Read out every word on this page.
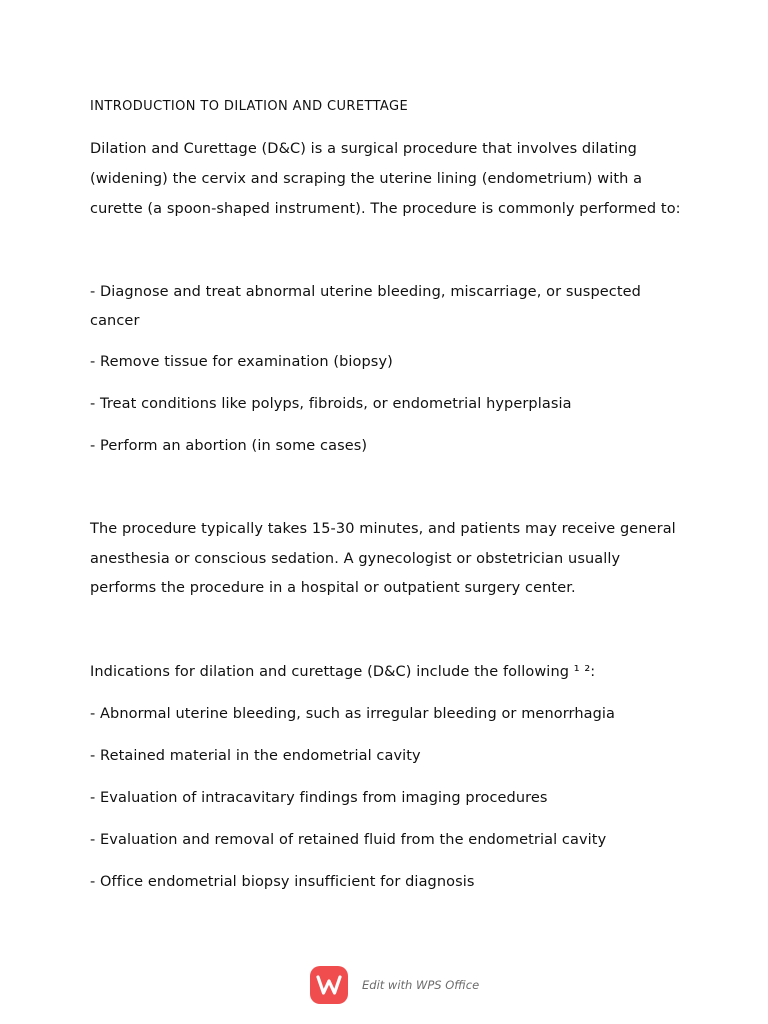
INTRODUCTION TO DILATION AND CURETTAGE
Dilation and Curettage (D&C) is a surgical procedure that involves dilating
(widening) the cervix and scraping the uterine lining (endometrium) with a
curette (a spoon-shaped instrument). The procedure is commonly performed to:
- Diagnose and treat abnormal uterine bleeding, miscarriage, or suspected
cancer
- Remove tissue for examination (biopsy)
- Treat conditions like polyps, fibroids, or endometrial hyperplasia
- Perform an abortion (in some cases)
The procedure typically takes 15-30 minutes, and patients may receive general
anesthesia or conscious sedation. A gynecologist or obstetrician usually
performs the procedure in a hospital or outpatient surgery center.
Indications for dilation and curettage (D&C) include the following ¹ ²:
- Abnormal uterine bleeding, such as irregular bleeding or menorrhagia
- Retained material in the endometrial cavity
- Evaluation of intracavitary findings from imaging procedures
- Evaluation and removal of retained fluid from the endometrial cavity
- Office endometrial biopsy insufficient for diagnosis
Edit with WPS Office
